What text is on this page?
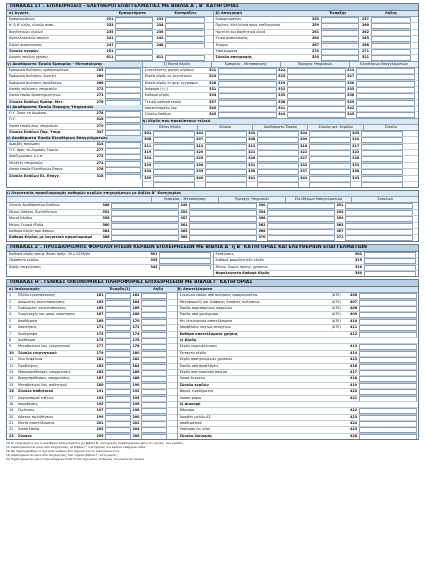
ΠΙΝΑΚΑΣ ΣΤ΄. ΕΠΙΧΕΙΡΗΣΕΙΣ - ΕΛΕΥΘΕΡΟΙ ΕΠΑΓΓΕΛΜΑΤΙΕΣ ΜΕ ΒΙΒΛΙΑ Α΄, Β΄ ΚΑΤΗΓΟΡΙΑΣ
α) Αγορές	Εμπορεύματα	Εισπράξεις
Εμπορευμάτων	231	232
α' & β' υλών, υλικών συσκ.	233	234
Βοηθητικών υλικών	235	236
Ανταλλακτικών παγίων	241	242
Ειδών συσκευασίας	247	248
Σύνολο αγορών	251
Αγορές παγίων χρήσης	811	812
β) Απογραφή	Έναρξης	Λήξης
Εμπορευμάτων	255	257
Πρώτες ύλες/υλικά προς επεξεργασία	259	260
Ημιτελή και βοηθητικά υλικά	261	262
Υλικά συσκευασίας	264	265
Έτοιμα	267	268
Υπολειμματα	270	271
Σύνολο απογραφής	520	521
γ) Ακαθάριστα Έσοδα Εμπορίας - Μεταποίησης
Εμπορικά πωλήσεις εμπορευμάτων	255
Εμπορικά πωλήσεις λιανική	266
Εμπορικά πωλήσεις προϊόντων	266
Λοιπές πωλήσεις υπηρεσιών	272
Λοιπά έσοδα δραστηριοτήτων	273
Σύνολο Εσόδων Εμπορ.-Μετ.	276
δ) Ακαθάριστα Έσοδα Παροχής Υπηρεσιών
Π.Υ. Προς το Δημόσιο	278
Π.Υ.	518
Λοιπά έσοδα παρ. υπηρεσιών	279
Σύνολο Εσόδων Παρ. Υπηρ.	347
ε) Ακαθάριστα Έσοδα Ελευθέριων Επαγγελματιών
Αμοιβές παγίωσης	314
Π.Υ. προς το Δημόσιο Ταμείο	277
Αποζημιώσεις κ.λ.π.	275
Μελέτες υπηρεσιών	274
Λοιπά έσοδα Ελευθέριων Επαγγ.	276
Σύνολο Εσόδων Ελ. Επαγγ.	318
ζ) Μικτά Κέρδη	Εμπορίας - Μεταποίησης	Παροχής Υπηρεσιών	Ελευθέριων Επαγγελματιών
Συντελεστής μικτού κέρδους	521	522	523
Μικτά κέρδη εκ λογιστικών	524	525	527
Μικτά κέρδη εκ φορ. εγγράφων	528	529	530
Διαφορά (+/-)	531	532	533
Καθαρά κέρδη	534	535	536
Τελικά καθαρά κέρδη	537	538	539
Αποτελέσματα λογ.	540	541	542
Σύνολο Εσόδων	543	544	545
η) Κέρδη που προκύπτουν τελικά
Πλέον Κέρδη	Σύνολο	Ακαθάριστα Έσοδα	Σύνολα μετ. Κερδών	Σύνολο
301	302	303	304	305
306	307	308	309	310
311	312	313	316	317
319	320	321	322	323
324	325	326	327	328
329	330	331	332	333
334	335	336	337	338
339	340	341	342	343
ι) Λογιστικός προσδιορισμός καθαρών κερδών επιχειρήσεων με βιβλία Β΄ Κατηγορίας
Εμπορίας - Μεταποίησης	Παροχής Υπηρεσιών	Ελευθέριων Επαγγελματιών	Συνολικά
Σύνολο Ακαθάριστων Εσόδων	348	349	350	351
Μείον: Κόστος Πωληθέντων	352	353	354	355
Μικτό Κέρδος	356	357	358	359
Μείον: Γενικά έξοδα	360	361	362	363
Καθαρά Κέρδη προ Φόρων	364	365	366	367
Καθαρό Κέρδος με λογιστικό προσδιορισμό	368	369	370	371
ΠΙΝΑΚΑΣ Ζ΄. ΠΡΟΣΔΙΟΡΙΣΜΟΣ ΦΟΡΟΛΟΓΗΤΕΩΝ ΚΕΡΔΩΝ ΕΠΙΧΕΙΡΗΣΕΩΝ ΜΕ ΒΙΒΛΙΑ Α΄ ή Β΄ ΚΑΤΗΓΟΡΙΑΣ ΚΑΙ ΕΛΕΥΘΕΡΙΩΝ ΕΠΑΓΓΕΛΜΑΤΙΩΝ
Καθαρά κέρδη προ φ. βάσει άρθρ. 30 ν.2238/94	501
Πρόσθετο κέρδος	335
Κέρδη επιχείρησης	342
Εκπτώσεις	502
Καθαρά φορολογητέα κέρδη	315
Μείον: Ζημίες προηγ. χρήσεων	316
Φορολογητέα Καθαρά Κέρδη	350
ΠΙΝΑΚΑΣ Η΄. ΓΕΝΙΚΕΣ ΟΙΚΟΝΟΜΙΚΕΣ ΠΛΗΡΟΦΟΡΙΕΣ ΕΠΙΧΕΙΡΗΣΕΩΝ ΜΕ ΒΙΒΛΙΑ Γ΄ ΚΑΤΗΓΟΡΙΑΣ
α) Ισολογισμός	Έναρξη(1)	Λήξη
1 Έξοδα εγκατάστασης	161	162
2 Ασώματες ακινητοποιήσεις	163	164
3 Ενσώματες ακινητοποιήσεις	165	166
4 Συμμετοχές και μακρ. απαιτήσεις	167	168
5 Αποθέματα	169	170
6 Απαιτήσεις	171	172
7 Χρεόγραφα	173	174
8 Διαθέσιμα	175	176
9 Μεταβατικοί λογ. ενεργητικού	177	178
10 Σύνολο ενεργητικού	179	180
11 Ίδια Κεφάλαια	181	182
12 Προβλέψεις	183	184
13 Μακροπρόθεσμες υποχρεώσεις	185	186
14 Βραχυπρόθεσμες υποχρεώσεις	187	188
15 Μεταβατικοί λογ. παθητικού	189	190
16 Σύνολο παθητικού	191	192
17 Λογαριασμοί τάξεως	193	194
18 Αποσβέσεις	195	196
19 Πωλήσεις	197	198
20 Κόστος πωληθέντων	199	200
21 Μικτά αποτελέσματα	201	202
22 Λοιπά έσοδα	203	204
23 Σύνολο	205	206
β) Αποτελέσματα
Συνολικά έσοδα από πωλήσεις εμπορευμάτων	(Α7Ε)	406
Μεταφορικές και διάφορες δαπάνες πωλήσεων	(Α7Ε)	407
Έσοδα παρεπόμενων ασχολιών	(Α7Ε)	408
Έσοδα από χρεόγραφα	(Α7Ε)	409
Μη λειτουργικά αποτελέσματα	(Α7Ε)	410
Αποσβέσεις παγίων στοιχείων	(Α7Ε)	411
Καθαρά αποτελέσματα χρήσης	412
γ) Κέρδη
Κέρδη εκμετάλλευσης	413
Έκτακτα κέρδη	414
Κέρδη προηγούμενων χρήσεων	415
Έσοδα από προβλέψεις	416
Κέρδη από εκποίηση παγίων	417
Λοιπά έκτακτα	418
Σύνολο κερδών	419
Φόρος εισοδήματος	420
Λοιποί φόροι	421
δ) Διανομή
Μέρισμα	422
Αμοιβές μελών ΔΣ	423
Αποθεματικά	424
Υπόλοιπο εις νέον	425
Σύνολο διανομής	426
(1) Οι επιχειρήσεις και οι ελεύθεροι επαγγελματίες με βιβλία Β΄ κατηγορίας συμπληρώνουν μόνο τις στήλες των κερδών.
(2) Συμπληρώνονται μόνο από επιχειρήσεις με βιβλία Γ΄ κατηγορίας και εφόσον υπάρχουν ποσά.
(3) Να συμπληρωθούν οι σχετικοί κωδικοί που ισχύουν για το οικονομικό έτος.
(4) Συμπληρώνεται μόνο από επιχειρήσεις που τηρούν βιβλία Γ΄ κατηγορίας.
(5) Συμπληρώνεται μόνο όταν υπάρχουν ποσά στους σχετικούς κωδικούς του παρόντος πίνακα.
